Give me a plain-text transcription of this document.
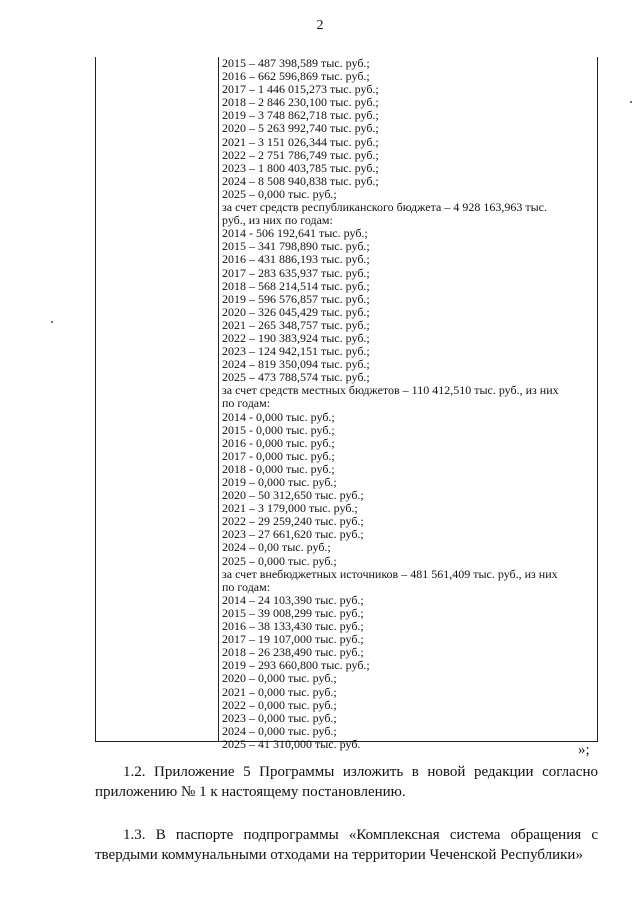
2
2015 – 487 398,589 тыс. руб.;
2016 – 662 596,869 тыс. руб.;
2017 – 1 446 015,273 тыс. руб.;
2018 – 2 846 230,100 тыс. руб.;
2019 – 3 748 862,718 тыс. руб.;
2020 – 5 263 992,740 тыс. руб.;
2021 – 3 151 026,344 тыс. руб.;
2022 – 2 751 786,749 тыс. руб.;
2023 – 1 800 403,785 тыс. руб.;
2024 – 8 508 940,838 тыс. руб.;
2025 – 0,000 тыс. руб.;
за счет средств республиканского бюджета – 4 928 163,963 тыс.
руб., из них по годам:
2014 - 506 192,641 тыс. руб.;
2015 – 341 798,890 тыс. руб.;
2016 – 431 886,193 тыс. руб.;
2017 – 283 635,937 тыс. руб.;
2018 – 568 214,514 тыс. руб.;
2019 – 596 576,857 тыс. руб.;
2020 – 326 045,429 тыс. руб.;
2021 – 265 348,757 тыс. руб.;
2022 – 190 383,924 тыс. руб.;
2023 – 124 942,151 тыс. руб.;
2024 – 819 350,094 тыс. руб.;
2025 – 473 788,574 тыс. руб.;
за счет средств местных бюджетов – 110 412,510 тыс. руб., из них
по годам:
2014 - 0,000 тыс. руб.;
2015 - 0,000 тыс. руб.;
2016 - 0,000 тыс. руб.;
2017 - 0,000 тыс. руб.;
2018 - 0,000 тыс. руб.;
2019 – 0,000 тыс. руб.;
2020 – 50 312,650 тыс. руб.;
2021 – 3 179,000 тыс. руб.;
2022 – 29 259,240 тыс. руб.;
2023 – 27 661,620 тыс. руб.;
2024 – 0,00 тыс. руб.;
2025 – 0,000 тыс. руб.;
за счет внебюджетных источников – 481 561,409 тыс. руб., из них
по годам:
2014 – 24 103,390 тыс. руб.;
2015 – 39 008,299 тыс. руб.;
2016 – 38 133,430 тыс. руб.;
2017 – 19 107,000 тыс. руб.;
2018 – 26 238,490 тыс. руб.;
2019 – 293 660,800 тыс. руб.;
2020 – 0,000 тыс. руб.;
2021 – 0,000 тыс. руб.;
2022 – 0,000 тыс. руб.;
2023 – 0,000 тыс. руб.;
2024 – 0,000 тыс. руб.;
2025 – 41 310,000 тыс. руб.	»;
1.2. Приложение 5 Программы изложить в новой редакции согласно приложению № 1 к настоящему постановлению.
1.3. В паспорте подпрограммы «Комплексная система обращения с твердыми коммунальными отходами на территории Чеченской Республики»
